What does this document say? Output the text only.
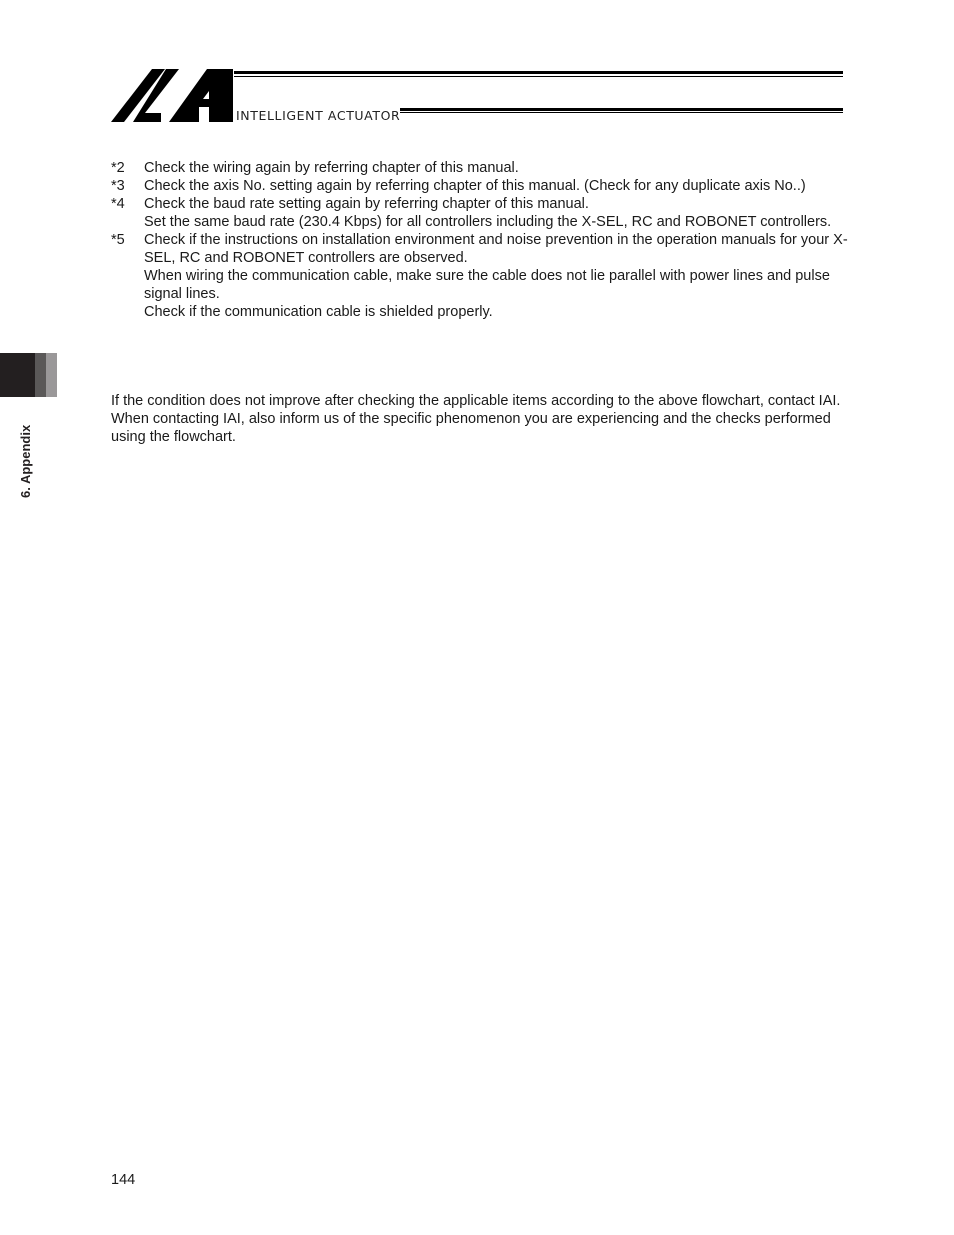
INTELLIGENT ACTUATOR
6. Appendix
*2	Check the wiring again by referring chapter of this manual.
*3	Check the axis No. setting again by referring chapter of this manual. (Check for any duplicate axis No..)
*4	Check the baud rate setting again by referring chapter of this manual.
Set the same baud rate (230.4 Kbps) for all controllers including the X-SEL, RC and ROBONET controllers.
*5	Check if the instructions on installation environment and noise prevention in the operation manuals for your X-SEL, RC and ROBONET controllers are observed.
When wiring the communication cable, make sure the cable does not lie parallel with power lines and pulse signal lines.
Check if the communication cable is shielded properly.
If the condition does not improve after checking the applicable items according to the above flowchart, contact IAI.
When contacting IAI, also inform us of the specific phenomenon you are experiencing and the checks performed using the flowchart.
144
